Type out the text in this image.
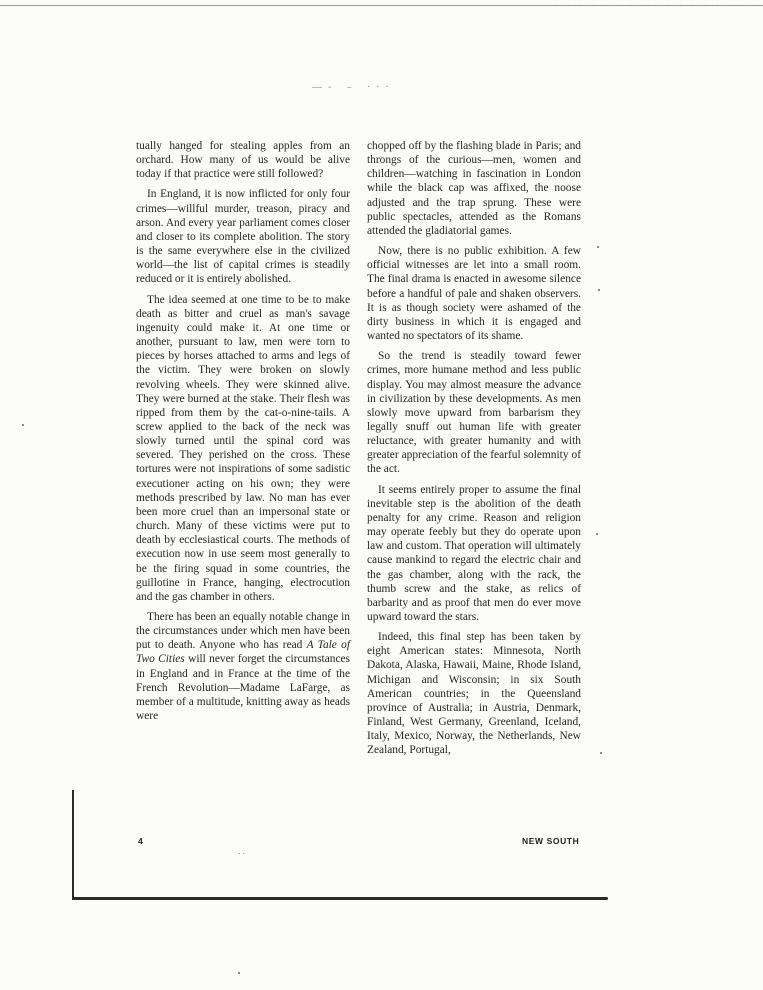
. . . . . . . . . . . . . . . . .
―- – ···

tually hanged for stealing apples from an orchard. How many of us would be alive today if that practice were still followed?

In England, it is now inflicted for only four crimes—willful murder, treason, piracy and arson. And every year parliament comes closer and closer to its complete abolition. The story is the same everywhere else in the civilized world—the list of capital crimes is steadily reduced or it is entirely abolished.

The idea seemed at one time to be to make death as bitter and cruel as man's savage ingenuity could make it. At one time or another, pursuant to law, men were torn to pieces by horses attached to arms and legs of the victim. They were broken on slowly revolving wheels. They were skinned alive. They were burned at the stake. Their flesh was ripped from them by the cat-o-nine-tails. A screw applied to the back of the neck was slowly turned until the spinal cord was severed. They perished on the cross. These tortures were not inspirations of some sadistic executioner acting on his own; they were methods prescribed by law. No man has ever been more cruel than an impersonal state or church. Many of these victims were put to death by ecclesiastical courts. The methods of execution now in use seem most generally to be the firing squad in some countries, the guillotine in France, hanging, electrocution and the gas chamber in others.

There has been an equally notable change in the circumstances under which men have been put to death. Anyone who has read A Tale of Two Cities will never forget the circumstances in England and in France at the time of the French Revolution—Madame LaFarge, as member of a multitude, knitting away as heads were

chopped off by the flashing blade in Paris; and throngs of the curious—men, women and children—watching in fascination in London while the black cap was affixed, the noose adjusted and the trap sprung. These were public spectacles, attended as the Romans attended the gladiatorial games.

Now, there is no public exhibition. A few official witnesses are let into a small room. The final drama is enacted in awesome silence before a handful of pale and shaken observers. It is as though society were ashamed of the dirty business in which it is engaged and wanted no spectators of its shame.

So the trend is steadily toward fewer crimes, more humane method and less public display. You may almost measure the advance in civilization by these developments. As men slowly move upward from barbarism they legally snuff out human life with greater reluctance, with greater humanity and with greater appreciation of the fearful solemnity of the act.

It seems entirely proper to assume the final inevitable step is the abolition of the death penalty for any crime. Reason and religion may operate feebly but they do operate upon law and custom. That operation will ultimately cause mankind to regard the electric chair and the gas chamber, along with the rack, the thumb screw and the stake, as relics of barbarity and as proof that men do ever move upward toward the stars.

Indeed, this final step has been taken by eight American states: Minnesota, North Dakota, Alaska, Hawaii, Maine, Rhode Island, Michigan and Wisconsin; in six South American countries; in the Queensland province of Australia; in Austria, Denmark, Finland, West Germany, Greenland, Iceland, Italy, Mexico, Norway, the Netherlands, New Zealand, Portugal,

4	NEW SOUTH
˙˙
